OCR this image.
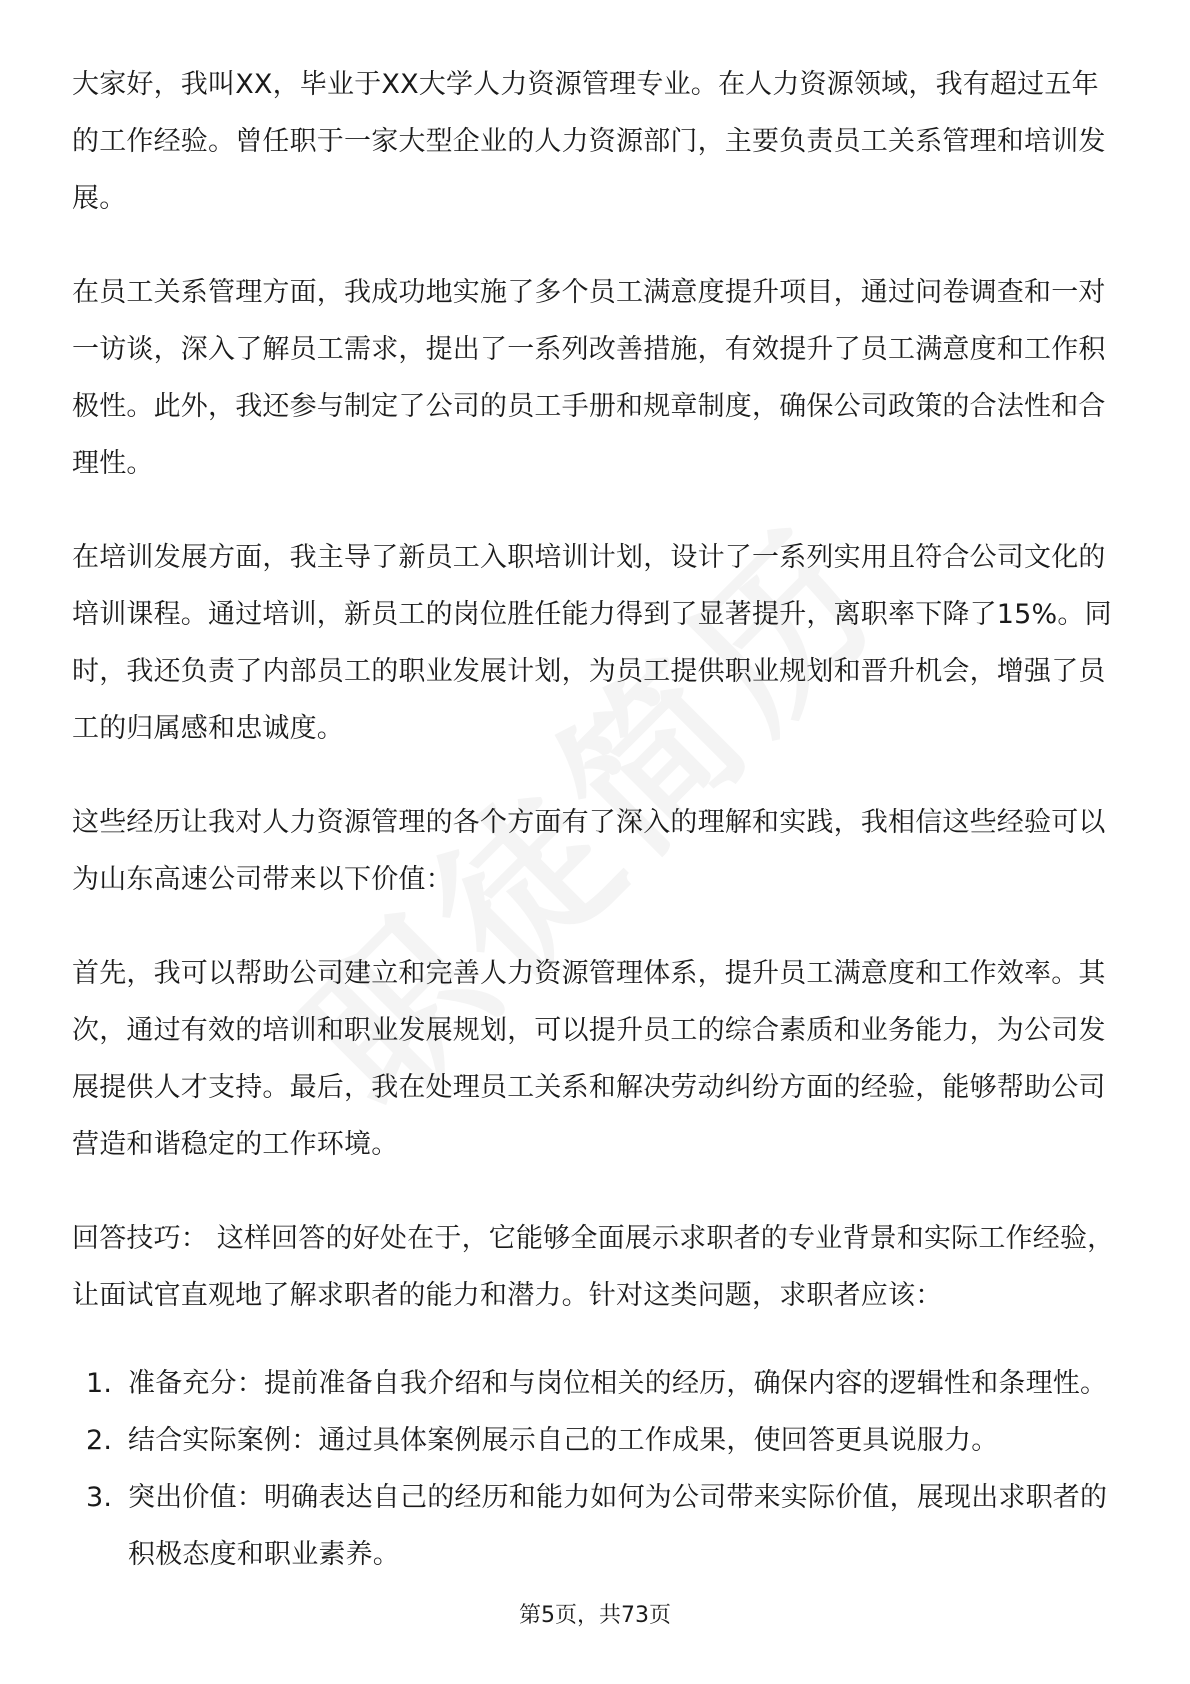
大家好，我叫XX，毕业于XX大学人力资源管理专业。在人力资源领域，我有超过五年的工作经验。曾任职于一家大型企业的人力资源部门，主要负责员工关系管理和培训发展。

在员工关系管理方面，我成功地实施了多个员工满意度提升项目，通过问卷调查和一对一访谈，深入了解员工需求，提出了一系列改善措施，有效提升了员工满意度和工作积极性。此外，我还参与制定了公司的员工手册和规章制度，确保公司政策的合法性和合理性。

在培训发展方面，我主导了新员工入职培训计划，设计了一系列实用且符合公司文化的培训课程。通过培训，新员工的岗位胜任能力得到了显著提升，离职率下降了15%。同时，我还负责了内部员工的职业发展计划，为员工提供职业规划和晋升机会，增强了员工的归属感和忠诚度。

这些经历让我对人力资源管理的各个方面有了深入的理解和实践，我相信这些经验可以为山东高速公司带来以下价值：

首先，我可以帮助公司建立和完善人力资源管理体系，提升员工满意度和工作效率。其次，通过有效的培训和职业发展规划，可以提升员工的综合素质和业务能力，为公司发展提供人才支持。最后，我在处理员工关系和解决劳动纠纷方面的经验，能够帮助公司营造和谐稳定的工作环境。

回答技巧： 这样回答的好处在于，它能够全面展示求职者的专业背景和实际工作经验，让面试官直观地了解求职者的能力和潜力。针对这类问题，求职者应该：

1. 准备充分：提前准备自我介绍和与岗位相关的经历，确保内容的逻辑性和条理性。
2. 结合实际案例：通过具体案例展示自己的工作成果，使回答更具说服力。
3. 突出价值：明确表达自己的经历和能力如何为公司带来实际价值，展现出求职者的积极态度和职业素养。
第5页，共73页
